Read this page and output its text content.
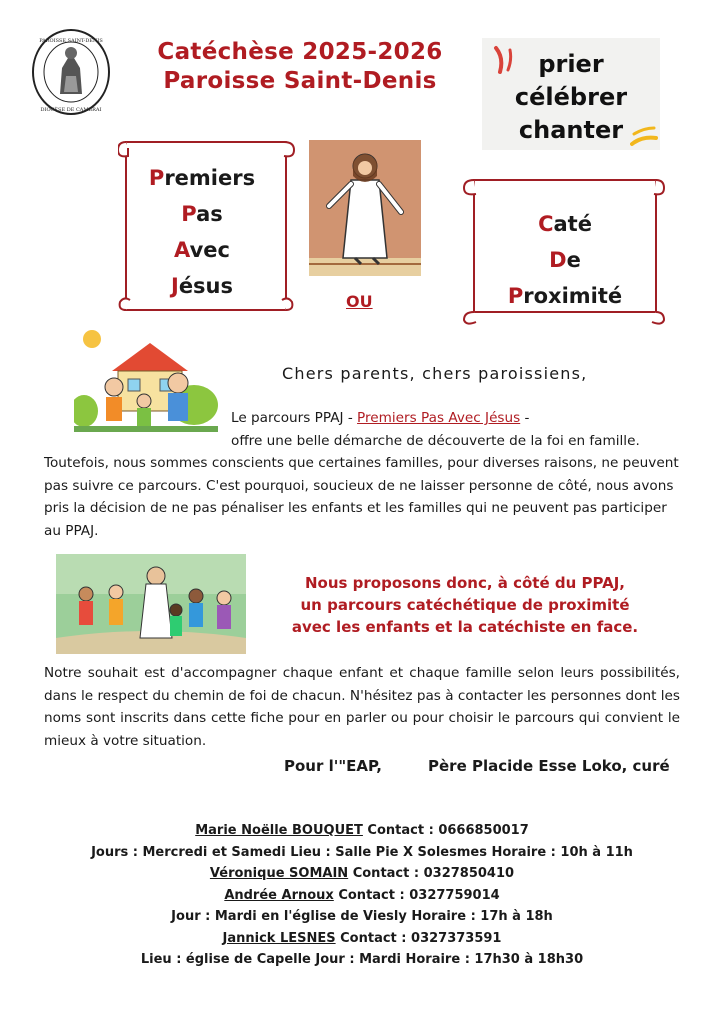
PAROISSE SAINT-DENIS
DIOCÈSE DE CAMBRAI
Catéchèse 2025-2026
Paroisse Saint-Denis
prier
célébrer
chanter
Premiers
Pas
Avec
Jésus
OU
Caté
De
Proximité
Chers parents, chers paroissiens,
Le parcours PPAJ - Premiers Pas Avec Jésus -
offre une belle démarche de découverte de la foi en famille.
Toutefois, nous sommes conscients que certaines familles, pour diverses raisons, ne peuvent pas suivre ce parcours. C'est pourquoi, soucieux de ne laisser personne de côté, nous avons pris la décision de ne pas pénaliser les enfants et les familles qui ne peuvent pas participer au PPAJ.
Nous proposons donc, à côté du PPAJ,
un parcours catéchétique de proximité
avec les enfants et la catéchiste en face.
Notre souhait est d'accompagner chaque enfant et chaque famille selon leurs possibilités, dans le respect du chemin de foi de chacun. N'hésitez pas à contacter les personnes dont les noms sont inscrits dans cette fiche pour en parler ou pour choisir le parcours qui convient le mieux à votre situation.
Pour l'"EAP,	Père Placide Esse Loko, curé
Marie Noëlle BOUQUET Contact : 0666850017
Jours : Mercredi et Samedi Lieu : Salle Pie X Solesmes Horaire : 10h à 11h
Véronique SOMAIN Contact : 0327850410
Andrée Arnoux Contact : 0327759014
Jour : Mardi en l'église de Viesly Horaire : 17h à 18h
Jannick LESNES Contact : 0327373591
Lieu : église de Capelle Jour : Mardi Horaire : 17h30 à 18h30
